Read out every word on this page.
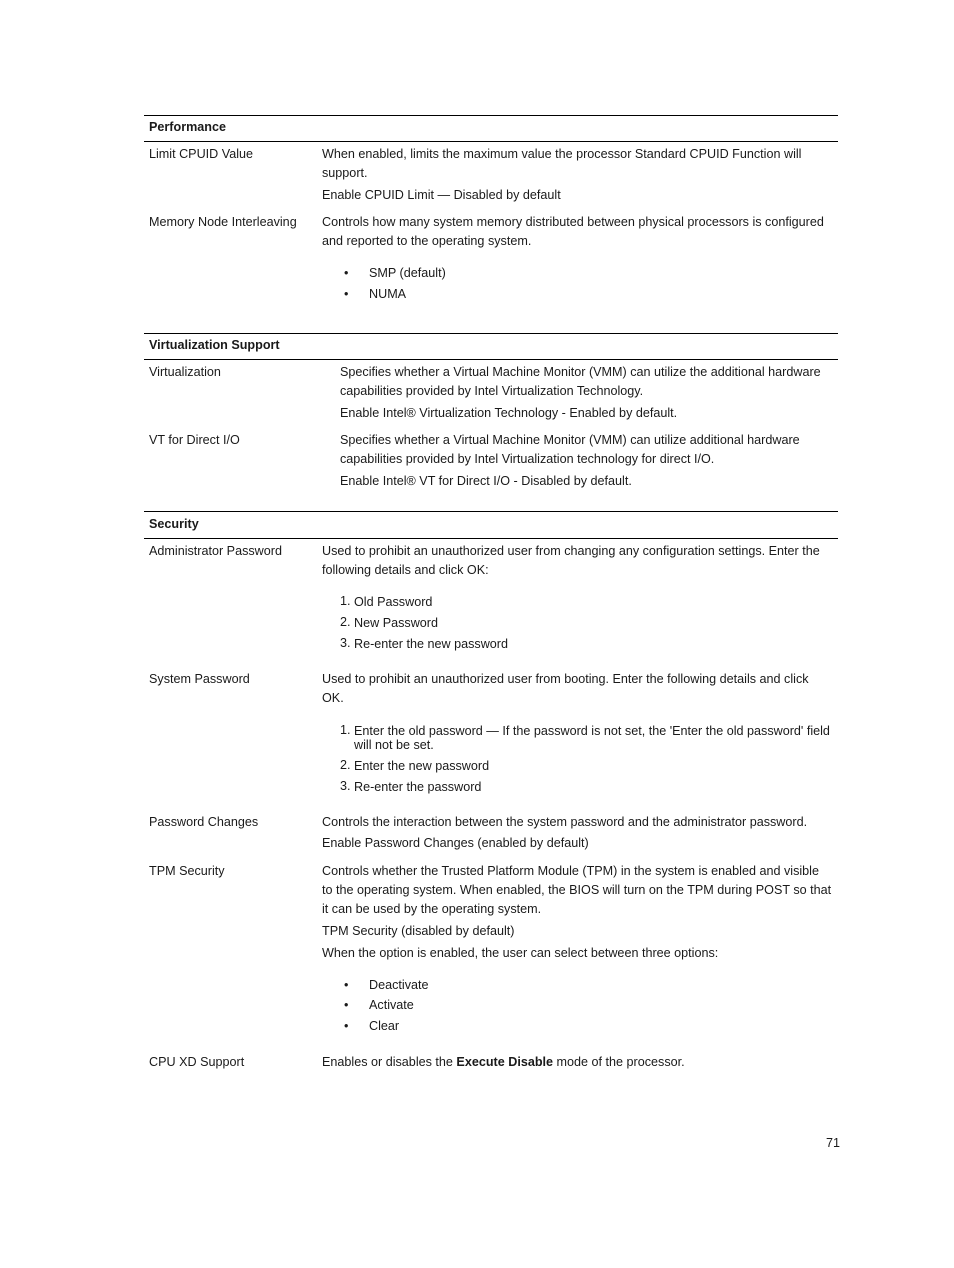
Performance
Limit CPUID Value	When enabled, limits the maximum value the processor Standard CPUID Function will support.
Enable CPUID Limit — Disabled by default
Memory Node Interleaving	Controls how many system memory distributed between physical processors is configured and reported to the operating system.
• SMP (default)
• NUMA
Virtualization Support
Virtualization	Specifies whether a Virtual Machine Monitor (VMM) can utilize the additional hardware capabilities provided by Intel Virtualization Technology.
Enable Intel® Virtualization Technology - Enabled by default.
VT for Direct I/O	Specifies whether a Virtual Machine Monitor (VMM) can utilize additional hardware capabilities provided by Intel Virtualization technology for direct I/O.
Enable Intel® VT for Direct I/O - Disabled by default.
Security
Administrator Password	Used to prohibit an unauthorized user from changing any configuration settings. Enter the following details and click OK:
1. Old Password
2. New Password
3. Re-enter the new password
System Password	Used to prohibit an unauthorized user from booting. Enter the following details and click OK.
1. Enter the old password — If the password is not set, the 'Enter the old password' field will not be set.
2. Enter the new password
3. Re-enter the password
Password Changes	Controls the interaction between the system password and the administrator password.
Enable Password Changes (enabled by default)
TPM Security	Controls whether the Trusted Platform Module (TPM) in the system is enabled and visible to the operating system. When enabled, the BIOS will turn on the TPM during POST so that it can be used by the operating system.
TPM Security (disabled by default)
When the option is enabled, the user can select between three options:
• Deactivate
• Activate
• Clear
CPU XD Support	Enables or disables the Execute Disable mode of the processor.
71
